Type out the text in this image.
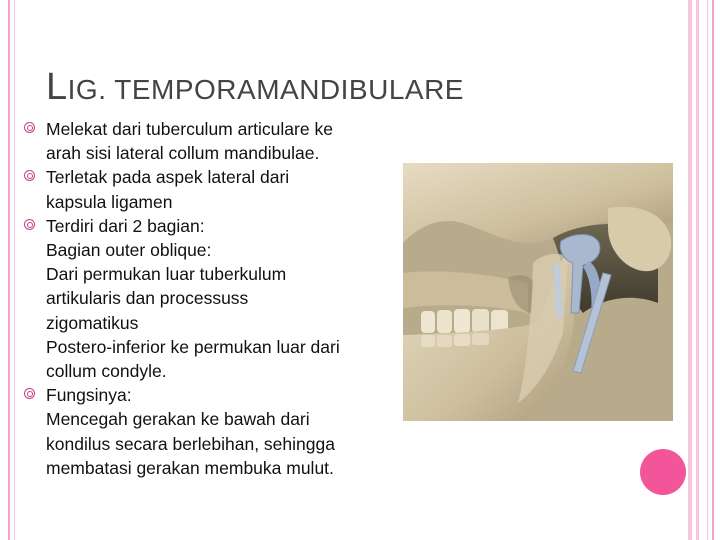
LIG. TEMPORAMANDIBULARE
Melekat dari tuberculum articulare ke
arah sisi lateral collum mandibulae.
Terletak pada aspek lateral dari
kapsula ligamen
Terdiri dari 2 bagian:
Bagian outer oblique:
Dari permukan luar tuberkulum
artikularis dan processuss
zigomatikus
Postero-inferior ke permukan luar dari
collum condyle.
Fungsinya:
Mencegah gerakan ke bawah dari
kondilus secara berlebihan, sehingga
membatasi gerakan membuka mulut.
